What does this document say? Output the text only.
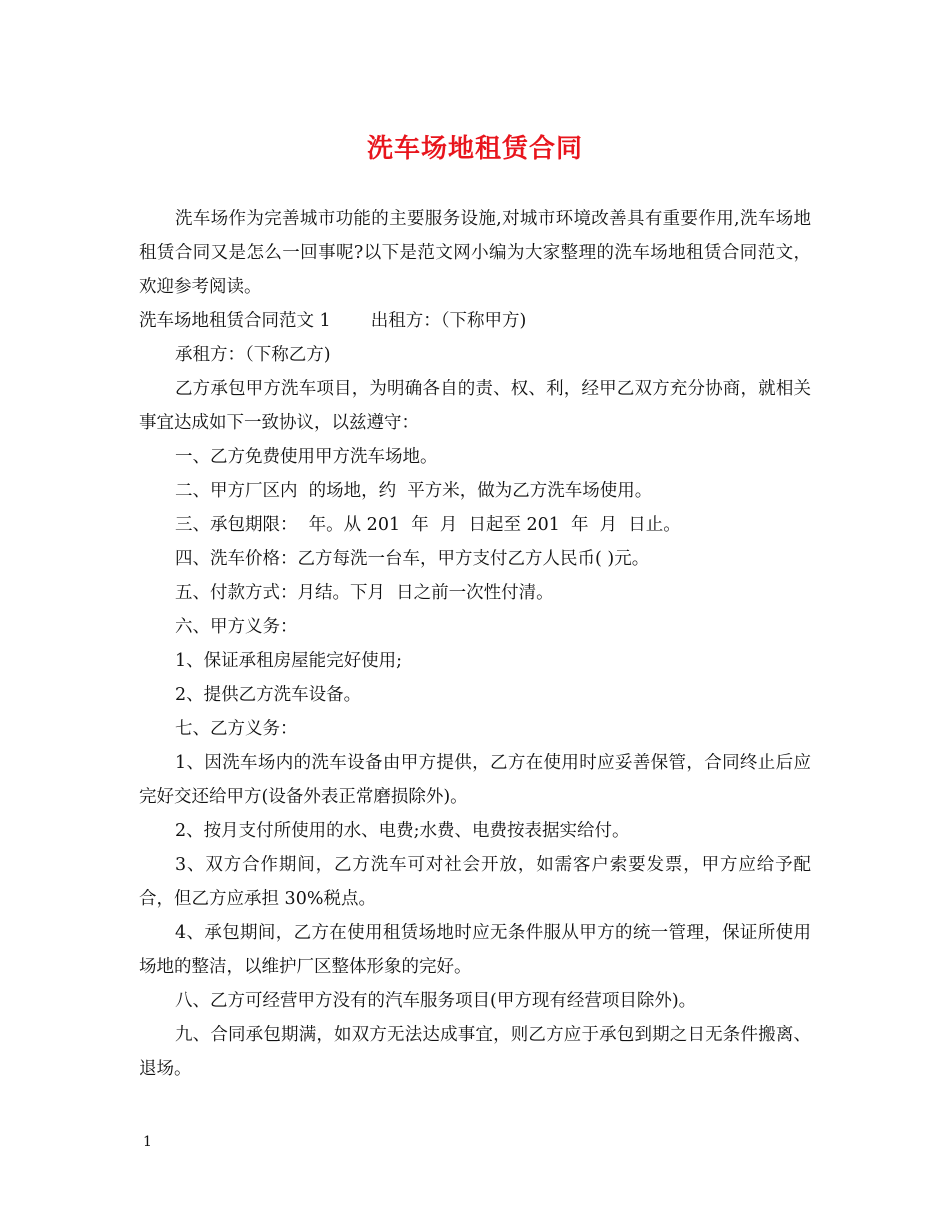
洗车场地租赁合同

洗车场作为完善城市功能的主要服务设施,对城市环境改善具有重要作用,洗车场地租赁合同又是怎么一回事呢?以下是范文网小编为大家整理的洗车场地租赁合同范文，欢迎参考阅读。

洗车场地租赁合同范文 1 出租方：（下称甲方)

承租方：（下称乙方)

乙方承包甲方洗车项目，为明确各自的责、权、利，经甲乙双方充分协商，就相关事宜达成如下一致协议，以兹遵守：

一、乙方免费使用甲方洗车场地。

二、甲方厂区内  的场地，约  平方米，做为乙方洗车场使用。

三、承包期限：  年。从 201  年  月  日起至 201  年  月  日止。

四、洗车价格：乙方每洗一台车，甲方支付乙方人民币( )元。

五、付款方式：月结。下月  日之前一次性付清。

六、甲方义务：

1、保证承租房屋能完好使用;

2、提供乙方洗车设备。

七、乙方义务：

1、因洗车场内的洗车设备由甲方提供，乙方在使用时应妥善保管，合同终止后应完好交还给甲方(设备外表正常磨损除外)。

2、按月支付所使用的水、电费;水费、电费按表据实给付。

3、双方合作期间，乙方洗车可对社会开放，如需客户索要发票，甲方应给予配合，但乙方应承担 30%税点。

4、承包期间，乙方在使用租赁场地时应无条件服从甲方的统一管理，保证所使用场地的整洁，以维护厂区整体形象的完好。

八、乙方可经营甲方没有的汽车服务项目(甲方现有经营项目除外)。

九、合同承包期满，如双方无法达成事宜，则乙方应于承包到期之日无条件搬离、退场。

1
